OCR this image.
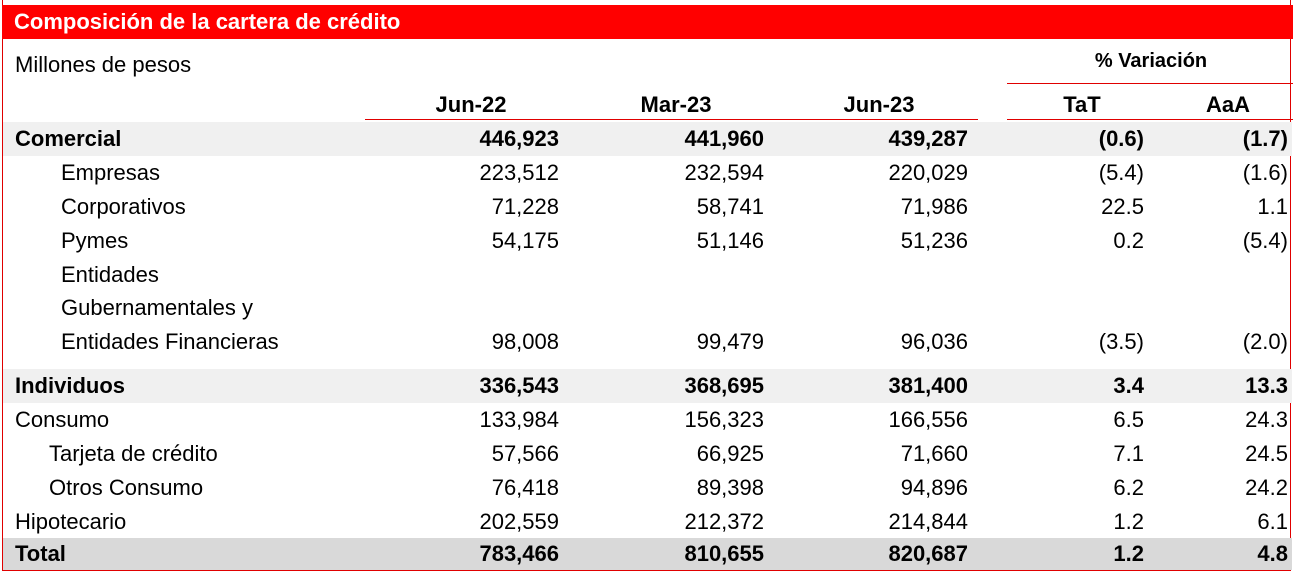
Composición de la cartera de crédito
Millones de pesos	% Variación
Jun-22	Mar-23	Jun-23	TaT	AaA
Comercial	446,923	441,960	439,287	(0.6)	(1.7)
Empresas	223,512	232,594	220,029	(5.4)	(1.6)
Corporativos	71,228	58,741	71,986	22.5	1.1
Pymes	54,175	51,146	51,236	0.2	(5.4)
Entidades
Gubernamentales y
Entidades Financieras	98,008	99,479	96,036	(3.5)	(2.0)
Individuos	336,543	368,695	381,400	3.4	13.3
Consumo	133,984	156,323	166,556	6.5	24.3
Tarjeta de crédito	57,566	66,925	71,660	7.1	24.5
Otros Consumo	76,418	89,398	94,896	6.2	24.2
Hipotecario	202,559	212,372	214,844	1.2	6.1
Total	783,466	810,655	820,687	1.2	4.8
